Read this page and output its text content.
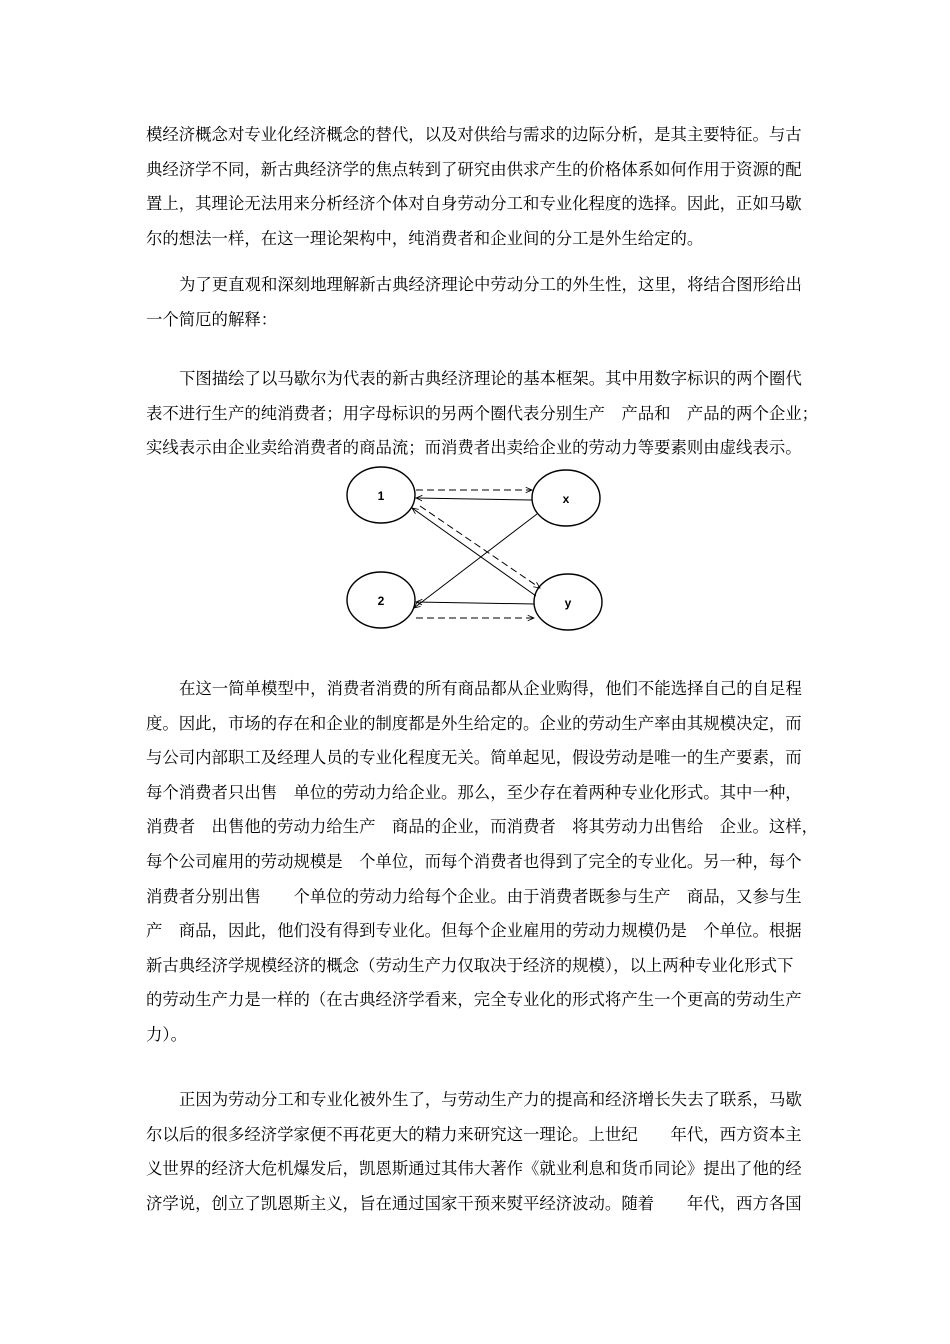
模经济概念对专业化经济概念的替代，以及对供给与需求的边际分析，是其主要特征。与古
典经济学不同，新古典经济学的焦点转到了研究由供求产生的价格体系如何作用于资源的配
置上，其理论无法用来分析经济个体对自身劳动分工和专业化程度的选择。因此，正如马歇
尔的想法一样，在这一理论架构中，纯消费者和企业间的分工是外生给定的。
为了更直观和深刻地理解新古典经济理论中劳动分工的外生性，这里，将结合图形给出
一个简厄的解释：
下图描绘了以马歇尔为代表的新古典经济理论的基本框架。其中用数字标识的两个圈代
表不进行生产的纯消费者；用字母标识的另两个圈代表分别生产　产品和　产品的两个企业；
实线表示由企业卖给消费者的商品流；而消费者出卖给企业的劳动力等要素则由虚线表示。
1	x
2	y
在这一简单模型中，消费者消费的所有商品都从企业购得，他们不能选择自己的自足程
度。因此，市场的存在和企业的制度都是外生给定的。企业的劳动生产率由其规模决定，而
与公司内部职工及经理人员的专业化程度无关。简单起见，假设劳动是唯一的生产要素，而
每个消费者只出售　单位的劳动力给企业。那么，至少存在着两种专业化形式。其中一种，
消费者　出售他的劳动力给生产　商品的企业，而消费者　将其劳动力出售给　企业。这样，
每个公司雇用的劳动规模是　个单位，而每个消费者也得到了完全的专业化。另一种，每个
消费者分别出售　　个单位的劳动力给每个企业。由于消费者既参与生产　商品，又参与生
产　商品，因此，他们没有得到专业化。但每个企业雇用的劳动力规模仍是　个单位。根据
新古典经济学规模经济的概念（劳动生产力仅取决于经济的规模），以上两种专业化形式下
的劳动生产力是一样的（在古典经济学看来，完全专业化的形式将产生一个更高的劳动生产
力）。
正因为劳动分工和专业化被外生了，与劳动生产力的提高和经济增长失去了联系，马歇
尔以后的很多经济学家便不再花更大的精力来研究这一理论。上世纪　　年代，西方资本主
义世界的经济大危机爆发后，凯恩斯通过其伟大著作《就业利息和货币同论》提出了他的经
济学说，创立了凯恩斯主义，旨在通过国家干预来熨平经济波动。随着　　年代，西方各国
